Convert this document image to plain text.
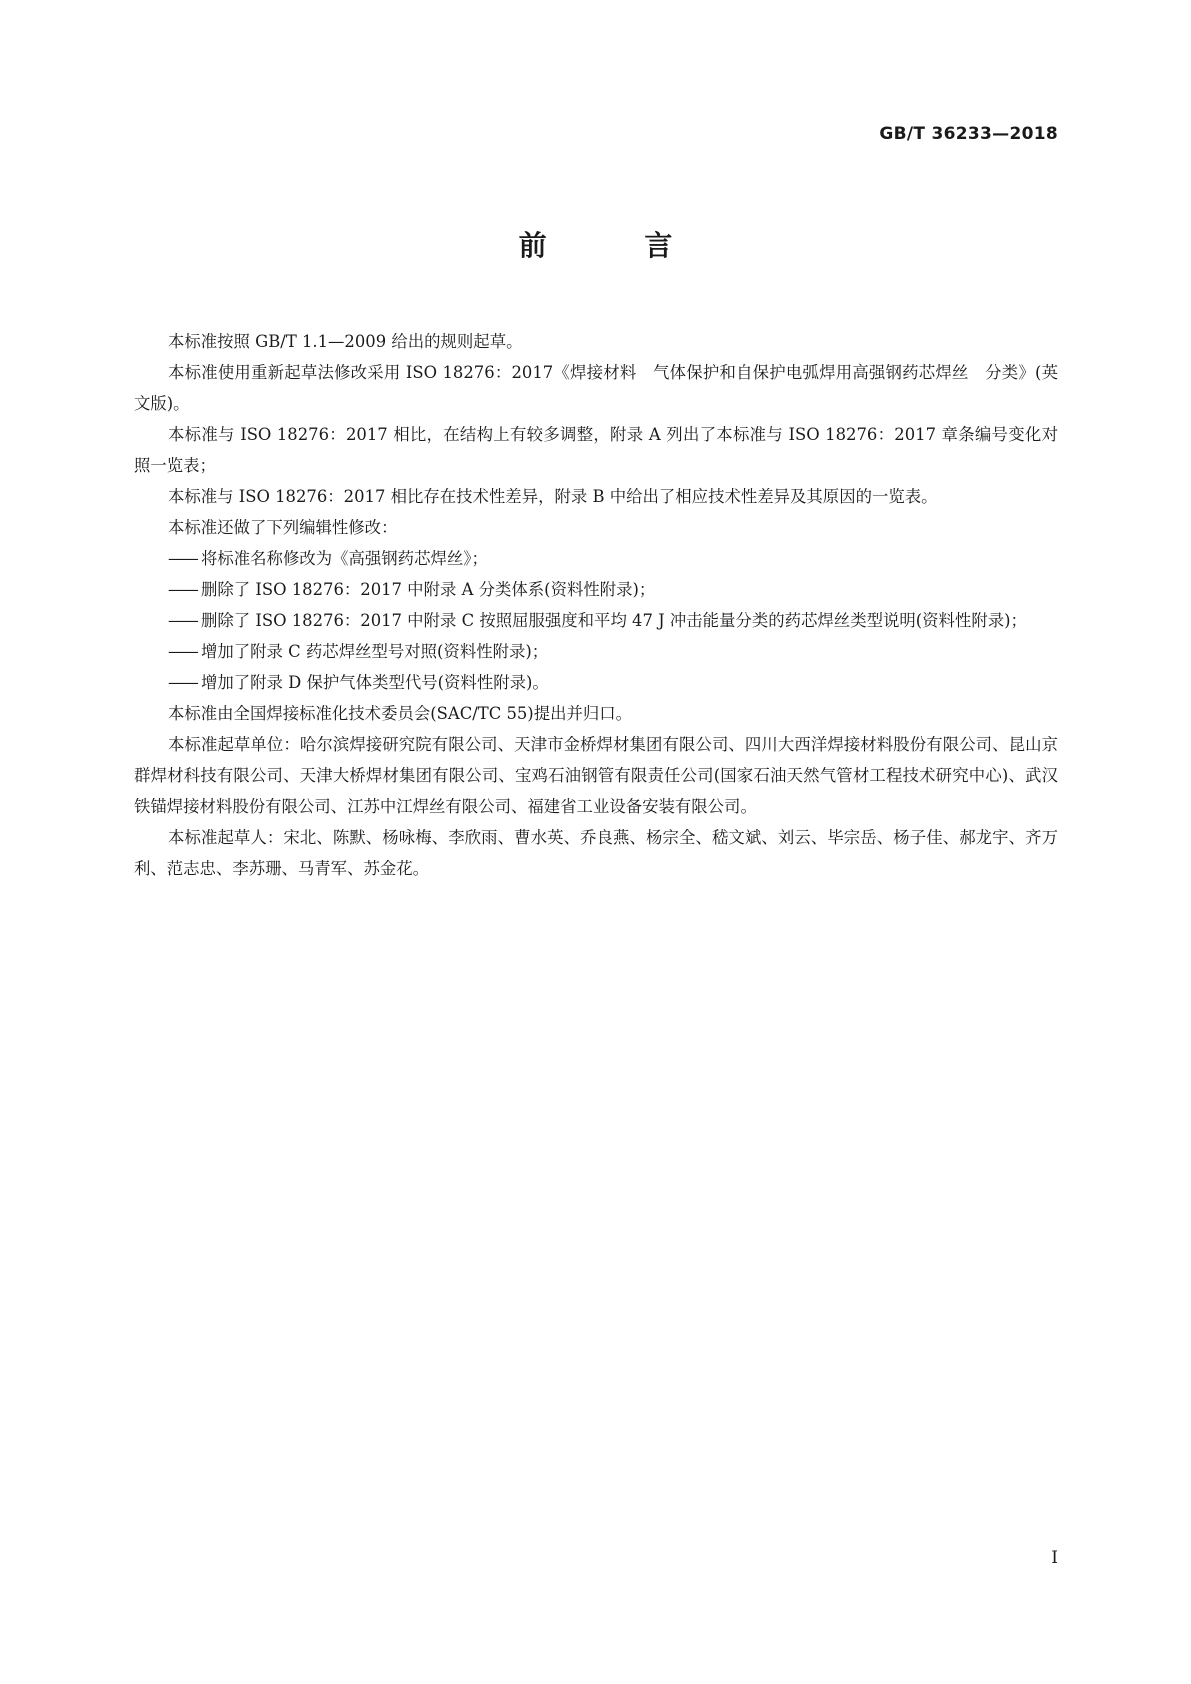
GB/T 36233—2018
前 言

本标准按照 GB/T 1.1—2009 给出的规则起草。

本标准使用重新起草法修改采用 ISO 18276：2017《焊接材料　气体保护和自保护电弧焊用高强钢药芯焊丝　分类》(英文版)。

本标准与 ISO 18276：2017 相比，在结构上有较多调整，附录 A 列出了本标准与 ISO 18276：2017 章条编号变化对照一览表；

本标准与 ISO 18276：2017 相比存在技术性差异，附录 B 中给出了相应技术性差异及其原因的一览表。

本标准还做了下列编辑性修改：

—— 将标准名称修改为《高强钢药芯焊丝》；

—— 删除了 ISO 18276：2017 中附录 A 分类体系(资料性附录)；

—— 删除了 ISO 18276：2017 中附录 C 按照屈服强度和平均 47 J 冲击能量分类的药芯焊丝类型说明(资料性附录)；

—— 增加了附录 C 药芯焊丝型号对照(资料性附录)；

—— 增加了附录 D 保护气体类型代号(资料性附录)。

本标准由全国焊接标准化技术委员会(SAC/TC 55)提出并归口。

本标准起草单位：哈尔滨焊接研究院有限公司、天津市金桥焊材集团有限公司、四川大西洋焊接材料股份有限公司、昆山京群焊材科技有限公司、天津大桥焊材集团有限公司、宝鸡石油钢管有限责任公司(国家石油天然气管材工程技术研究中心)、武汉铁锚焊接材料股份有限公司、江苏中江焊丝有限公司、福建省工业设备安装有限公司。

本标准起草人：宋北、陈默、杨咏梅、李欣雨、曹水英、乔良燕、杨宗全、嵇文斌、刘云、毕宗岳、杨子佳、郝龙宇、齐万利、范志忠、李苏珊、马青军、苏金花。

I
